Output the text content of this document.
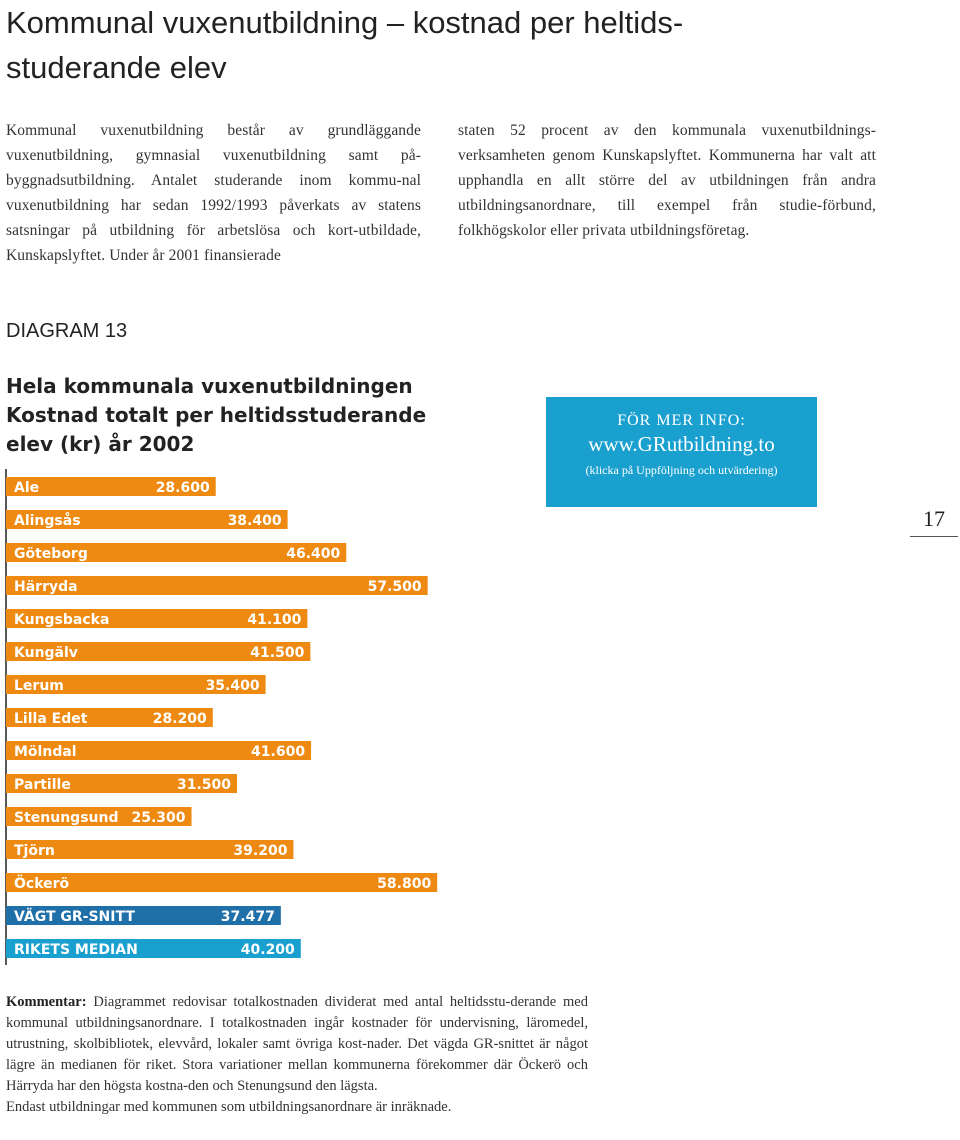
Kommunal vuxenutbildning – kostnad per heltids-studerande elev
Kommunal vuxenutbildning består av grundläggande vuxenutbildning, gymnasial vuxenutbildning samt på-byggnadsutbildning. Antalet studerande inom kommu-nal vuxenutbildning har sedan 1992/1993 påverkats av statens satsningar på utbildning för arbetslösa och kort-utbildade, Kunskapslyftet. Under år 2001 finansierade
staten 52 procent av den kommunala vuxenutbildnings-verksamheten genom Kunskapslyftet. Kommunerna har valt att upphandla en allt större del av utbildningen från andra utbildningsanordnare, till exempel från studie-förbund, folkhögskolor eller privata utbildningsföretag.
DIAGRAM 13
Hela kommunala vuxenutbildningen
Kostnad totalt per heltidsstuderande
elev (kr) år 2002
Ale	28.600
Alingsås	38.400
Göteborg	46.400
Härryda	57.500
Kungsbacka	41.100
Kungälv	41.500
Lerum	35.400
Lilla Edet	28.200
Mölndal	41.600
Partille	31.500
Stenungsund 25.300
Tjörn	39.200
Öckerö	58.800
VÄGT GR-SNITT	37.477
RIKETS MEDIAN	40.200
FÖR MER INFO:
www.GRutbildning.to
(klicka på Uppföljning och utvärdering)
17
Kommentar: Diagrammet redovisar totalkostnaden dividerat med antal heltidsstu-derande med kommunal utbildningsanordnare. I totalkostnaden ingår kostnader för undervisning, läromedel, utrustning, skolbibliotek, elevvård, lokaler samt övriga kost-nader. Det vägda GR-snittet är något lägre än medianen för riket. Stora variationer mellan kommunerna förekommer där Öckerö och Härryda har den högsta kostna-den och Stenungsund den lägsta.
Endast utbildningar med kommunen som utbildningsanordnare är inräknade.
